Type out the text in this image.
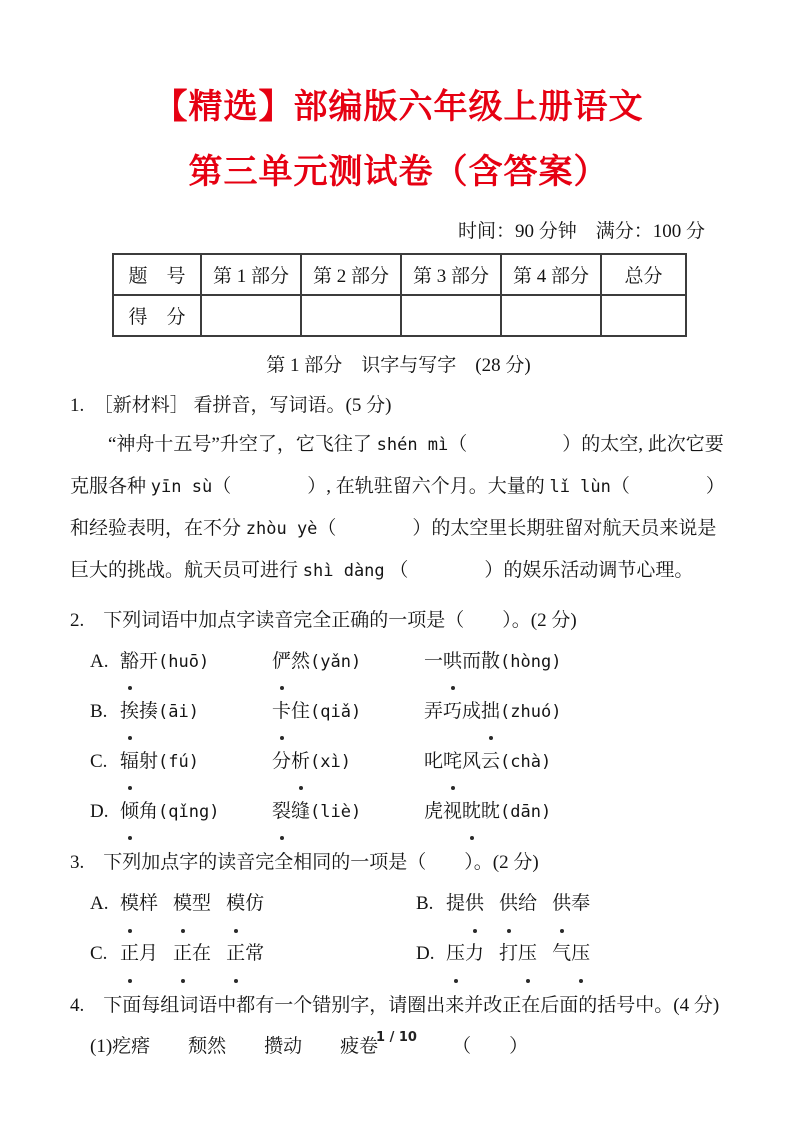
【精选】部编版六年级上册语文
第三单元测试卷（含答案）
时间：90 分钟　满分：100 分
题　号	第 1 部分	第 2 部分	第 3 部分	第 4 部分	总分
得　分					
第 1 部分　识字与写字　(28 分)
1.　［新材料］ 看拼音，写词语。(5 分)
“神舟十五号”升空了，它飞往了 shén mì（　　　　　）的太空, 此次它要
克服各种 yīn sù（　　　　）, 在轨驻留六个月。大量的 lǐ lùn（　　　　）
和经验表明，在不分 zhòu yè（　　　　）的太空里长期驻留对航天员来说是
巨大的挑战。航天员可进行 shì dàng （　　　　）的娱乐活动调节心理。
2.　下列词语中加点字读音完全正确的一项是（　　）。(2 分)
A. 豁开(huō)	俨然(yǎn)	一哄而散(hòng)
B. 挨揍(āi)	卡住(qiǎ)	弄巧成拙(zhuó)
C. 辐射(fú)	分析(xì)	叱咤风云(chà)
D. 倾角(qǐng)	裂缝(liè)	虎视眈眈(dān)
3.　下列加点字的读音完全相同的一项是（　　）。(2 分)
A. 模样 模型 模仿	B. 提供 供给 供奉
C. 正月 正在 正常	D. 压力 打压 气压
4.　下面每组词语中都有一个错别字，请圈出来并改正在后面的括号中。(4 分)
(1)疙瘩　　颓然　　攒动　　疲卷	（　　）
1 / 10
